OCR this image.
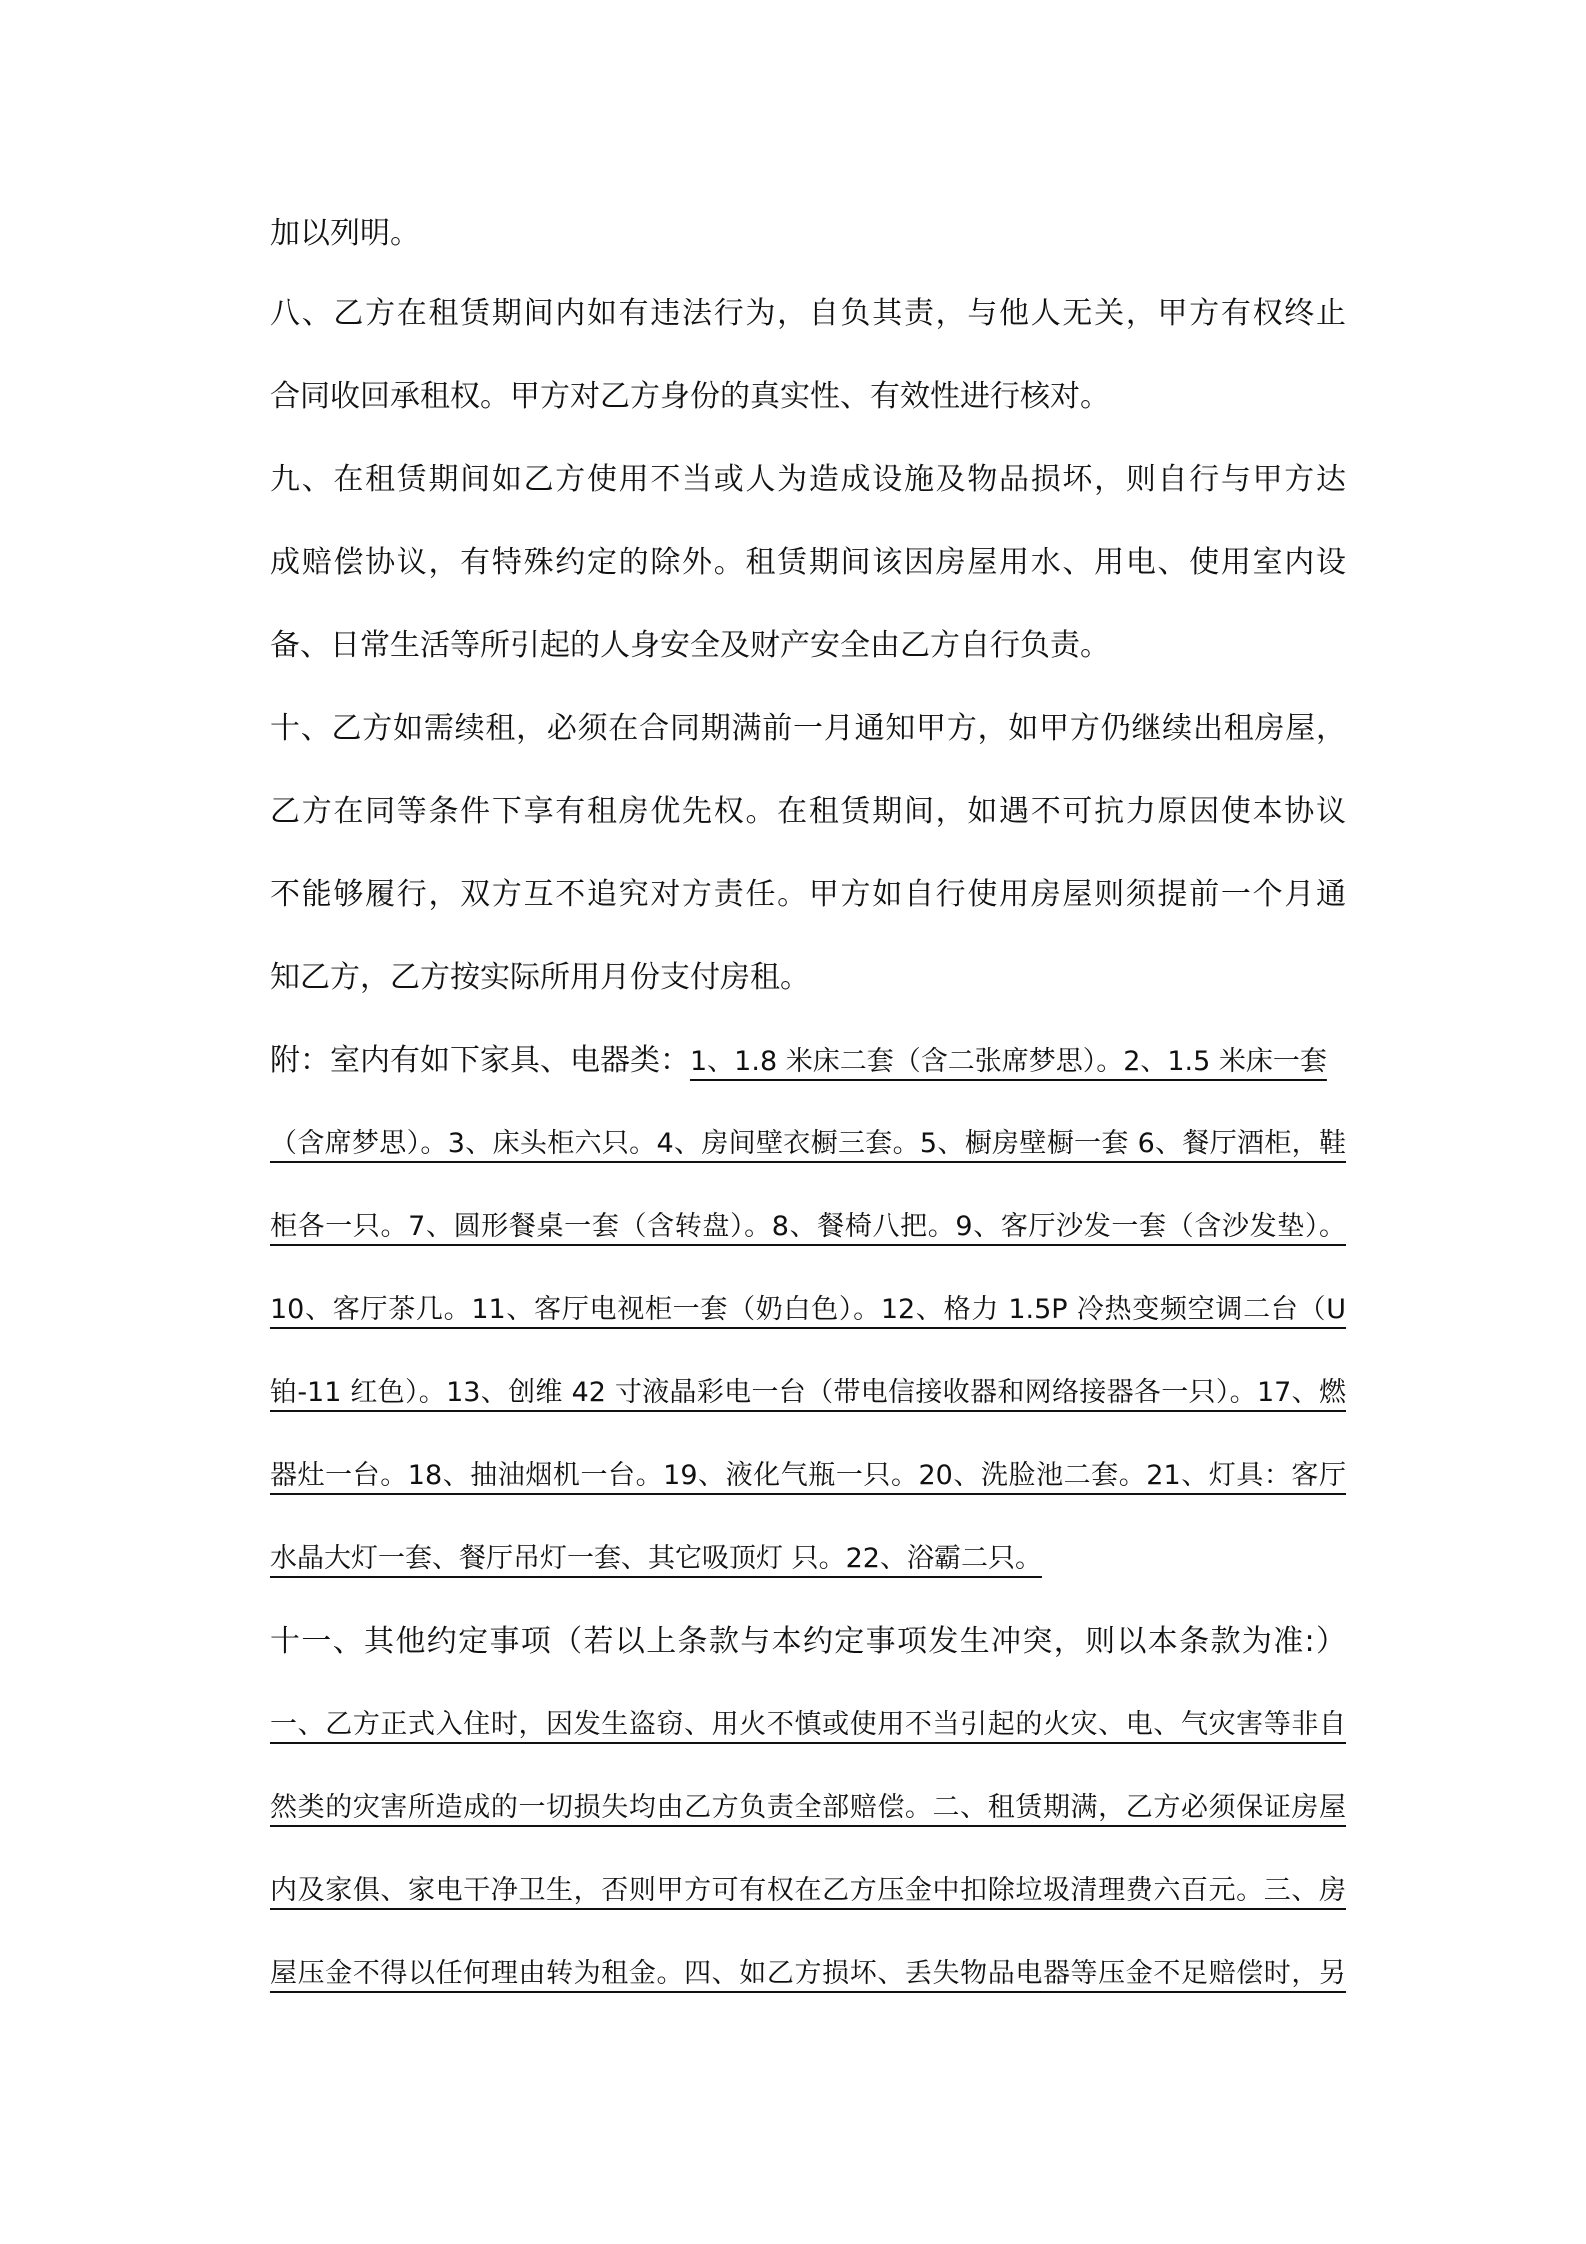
加以列明。
八、乙方在租赁期间内如有违法行为，自负其责，与他人无关，甲方有权终止
合同收回承租权。甲方对乙方身份的真实性、有效性进行核对。
九、在租赁期间如乙方使用不当或人为造成设施及物品损坏，则自行与甲方达
成赔偿协议，有特殊约定的除外。租赁期间该因房屋用水、用电、使用室内设
备、日常生活等所引起的人身安全及财产安全由乙方自行负责。
十、乙方如需续租，必须在合同期满前一月通知甲方，如甲方仍继续出租房屋，
乙方在同等条件下享有租房优先权。在租赁期间，如遇不可抗力原因使本协议
不能够履行，双方互不追究对方责任。甲方如自行使用房屋则须提前一个月通
知乙方，乙方按实际所用月份支付房租。
附：室内有如下家具、电器类：1、1.8 米床二套（含二张席梦思）。2、1.5 米床一套
（含席梦思）。3、床头柜六只。4、房间壁衣橱三套。5、橱房壁橱一套 6、餐厅酒柜，鞋
柜各一只。7、圆形餐桌一套（含转盘）。8、餐椅八把。9、客厅沙发一套（含沙发垫）。
10、客厅茶几。11、客厅电视柜一套（奶白色）。12、格力 1.5P 冷热变频空调二台（U
铂-11 红色）。13、创维 42 寸液晶彩电一台（带电信接收器和网络接器各一只）。17、燃
器灶一台。18、抽油烟机一台。19、液化气瓶一只。20、洗脸池二套。21、灯具：客厅
水晶大灯一套、餐厅吊灯一套、其它吸顶灯 只。22、浴霸二只。
十一、其他约定事项（若以上条款与本约定事项发生冲突，则以本条款为准:）
一、乙方正式入住时，因发生盗窃、用火不慎或使用不当引起的火灾、电、气灾害等非自
然类的灾害所造成的一切损失均由乙方负责全部赔偿。二、租赁期满，乙方必须保证房屋
内及家俱、家电干净卫生，否则甲方可有权在乙方压金中扣除垃圾清理费六百元。三、房
屋压金不得以任何理由转为租金。四、如乙方损坏、丢失物品电器等压金不足赔偿时，另
